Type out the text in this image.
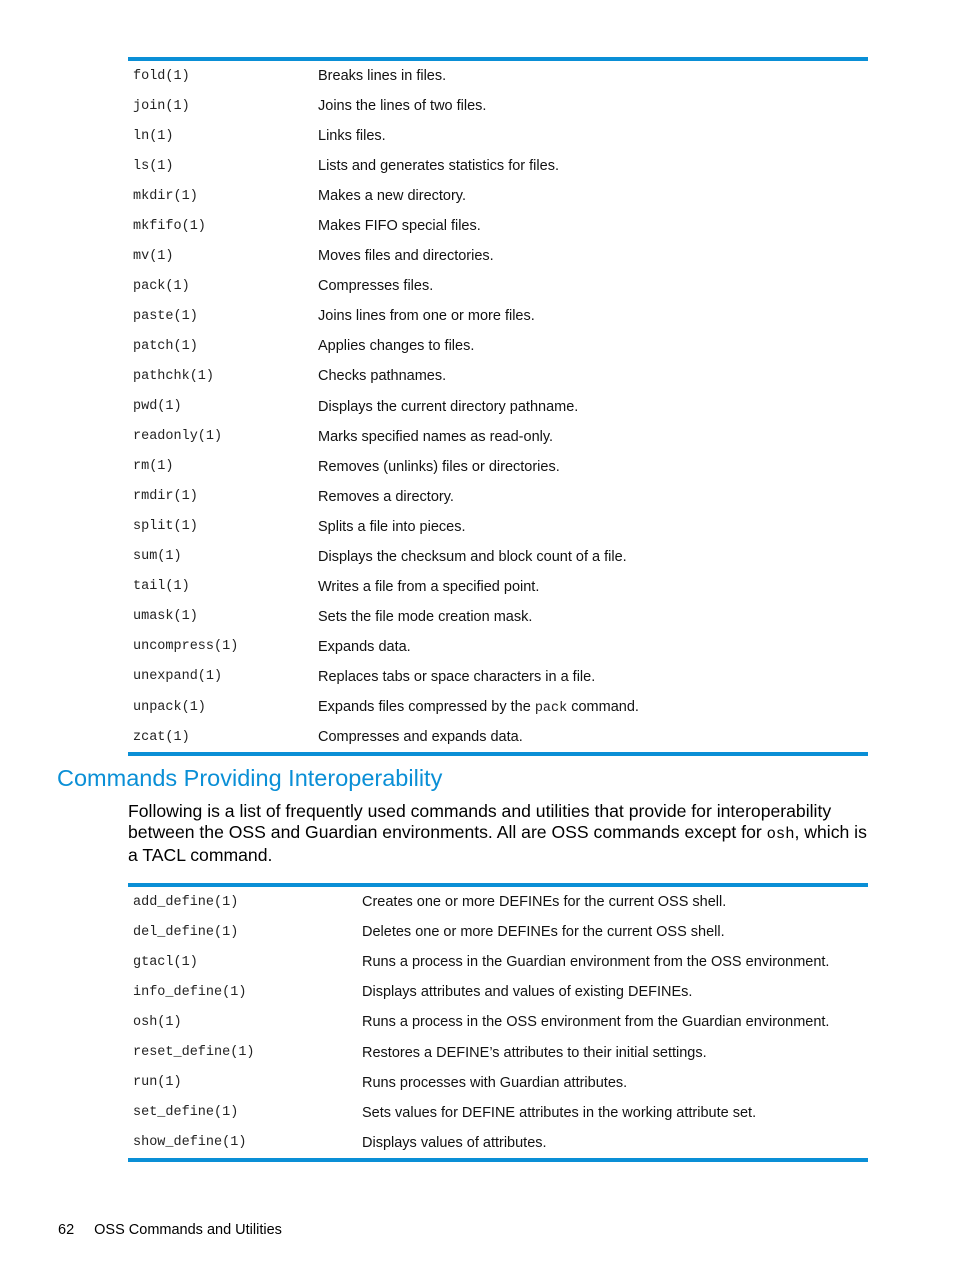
fold(1)	Breaks lines in files.
join(1)	Joins the lines of two files.
ln(1)	Links files.
ls(1)	Lists and generates statistics for files.
mkdir(1)	Makes a new directory.
mkfifo(1)	Makes FIFO special files.
mv(1)	Moves files and directories.
pack(1)	Compresses files.
paste(1)	Joins lines from one or more files.
patch(1)	Applies changes to files.
pathchk(1)	Checks pathnames.
pwd(1)	Displays the current directory pathname.
readonly(1)	Marks specified names as read-only.
rm(1)	Removes (unlinks) files or directories.
rmdir(1)	Removes a directory.
split(1)	Splits a file into pieces.
sum(1)	Displays the checksum and block count of a file.
tail(1)	Writes a file from a specified point.
umask(1)	Sets the file mode creation mask.
uncompress(1)	Expands data.
unexpand(1)	Replaces tabs or space characters in a file.
unpack(1)	Expands files compressed by the pack command.
zcat(1)	Compresses and expands data.
Commands Providing Interoperability

Following is a list of frequently used commands and utilities that provide for interoperability between the OSS and Guardian environments. All are OSS commands except for osh, which is a TACL command.

add_define(1)	Creates one or more DEFINEs for the current OSS shell.
del_define(1)	Deletes one or more DEFINEs for the current OSS shell.
gtacl(1)	Runs a process in the Guardian environment from the OSS environment.
info_define(1)	Displays attributes and values of existing DEFINEs.
osh(1)	Runs a process in the OSS environment from the Guardian environment.
reset_define(1)	Restores a DEFINE’s attributes to their initial settings.
run(1)	Runs processes with Guardian attributes.
set_define(1)	Sets values for DEFINE attributes in the working attribute set.
show_define(1)	Displays values of attributes.
62 OSS Commands and Utilities
